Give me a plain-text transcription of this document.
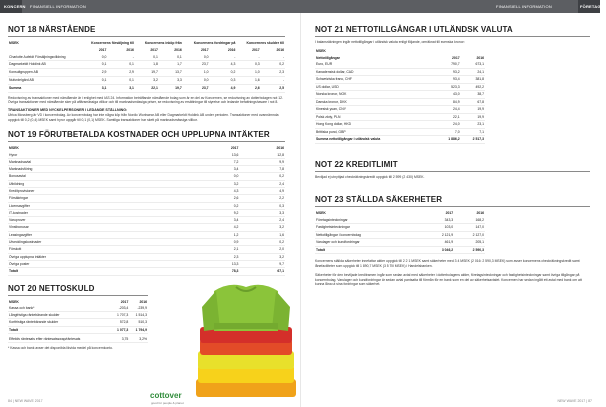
KONCERN FINANSIELL INFORMATION	FINANSIELL INFORMATION	FÖRETAGET
NOT 18 NÄRSTÅENDE
MSEK	Koncernens försäljning till		Koncernens inköp från		Koncernens fordringar på		Koncernens skulder till	
	2017	2016	2017	2016	2017	2016	2017	2016
Charlotte Aufeldt Försäljningsvilldning	0,0	-	0,1	0,1	0,0	-	-	-
Dagmarkeldt Holdink AB	0,1	0,1	1,8	1,7	23,7	4,3	0,3	0,2
Konsultgruppen AB	2,9	2,9	19,7	13,7	1,0	0,2	1,0	2,3
Nufurdelgärd AB	0,1	0,1	3,2	3,3	0,0	0,3	1,6	-
Summa	3,1	3,1	22,1	19,7	23,7	4,9	2,6	2,5

Redovisning av transaktioner med närstående är i enlighet med IAS 24. Information beträffande närstående bolag som är en del av Koncernen, se redovisning av dotterbolagen not 12. Övriga transaktioner med närstående sker på affärsmässiga villkor och till marknadsmässiga priser, se redovisning av ersättningar till styrelse och ledande befattningshavare i not 8.

TRANSAKTIONER MED NYCKELPERSONER I LEDANDE STÄLLNING:

Ulrica Mossberg är VD i koncernbolag. Av koncernbolag har inte några köp från Nordic Workwear AB eller Dagmarkeldt Holdink AB under perioden. Transaktioner med ovannämnda uppgick till 0,2 (0,4) MSEK samt hyror uppgår till 0,1 (0,1) MSEK. Samtliga transaktioner har skett på marknadsmässiga villkor.

NOT 19 FÖRUTBETALDA KOSTNADER OCH UPPLUPNA INTÄKTER
MSEK	2017	2016
Hyror	13,6	12,8
Marknadsavtal	7,2	9,9
Marknadsföring	3,4	7,8
Bonusavtal	0,0	0,2
Utbildning	3,2	2,4
Kreditprovisioner	4,3	4,9
Försäkringar	2,6	2,2
Licensavgifter	0,2	0,3
IT-kostnader	9,2	3,3
Varuprover	3,4	2,4
Vinstbonusar	4,2	3,2
Leasingavgifter	1,2	1,6
Utvecklingskostnader	0,9	0,2
Förskott	2,1	2,0
Övriga upplupna intäkter	2,3	3,2
Övriga poster	13,3	9,7
Totalt	78,3	67,1
NOT 20 NETTOSKULD
MSEK	2017	2016
Kassa och bank*	-203,4	-239,9
Långfristiga räntebärande skulder	1 707,3	1 514,3
Kortfristiga räntebärande skulder	572,8	510,3
Totalt	1 077,3	1 794,9
Effektiv räntesats efter räntesatsswap/räntesats	3,75	3,2%

* Kassa och bank avser det disponibla likvida medel på koncernkonto.

cottover
good for people & planet
84 | NEW WAVE 2017
NOT 21 NETTOTILLGÅNGAR I UTLÄNDSK VALUTA

I balansräkningen ingår nettotillgångar i utländsk valuta enligt följande, omräknat till svenska kronor:

MSEK		
Nettotillgångar	2017	2016
Euro, EUR	790,7	673,1
Kanadensisk dollar, CAD	93,2	24,1
Schweiziska franc, CHF	93,4	381,8
US dollar, USD	523,3	492,2
Norska kronor, NOK	43,0	38,7
Danska kronor, DKK	84,9	67,8
Kinesisk yuan, CNY	24,4	19,9
Polsk zloty, PLN	22,1	19,9
Hong Kong dollar, HKD	24,0	23,1
Brittiska pund, GBP	7,0	7,1
Summa nettotillgångar i utländsk valuta	1 886,2	2 517,3
NOT 22 KREDITLIMIT

Beviljad ej utnyttjad checkräkningskredit uppgick till 2 599 (2 430) MSEK.

NOT 23 STÄLLDA SÄKERHETER
MSEK	2017	2016
Företagsinteckningar	343,3	168,2
Fastighetsinteckningar	103,0	147,0
Nettotillgångar i koncernbolag	2 121,9	2 127,0
Varulager och kundfordringar	461,9	205,1
Totalt	3 046,2	2 590,3

Koncernens ställda säkerheter innefattar aktier uppgick till 2 2 1 MSEK samt säkerheter med 3 4 MSEK (2 016: 2 590,3 MSEK) som avser koncernens checkräkningskredit samt lånefaciliteter som uppgick till 1 890,7 MSEK (3 5 Till MSEK) i Handelsbanken.

Säkerheter för den beviljade kreditramen ingår som sedan avtal med säkerheter i dotterbolagens aktier, företagsinteckningar och fastighetsinteckningar samt övriga tillgångar på koncernbolag. Varulager och kundfordringar är sedan avtal pantsatta till förmån för en bank som en del av säkerhetsavtalet. Koncernen har sedan ingått ett avtal med bank om att kunna låna ut sina fordringar som säkerhet.

NEW WAVE 2017 | 87
